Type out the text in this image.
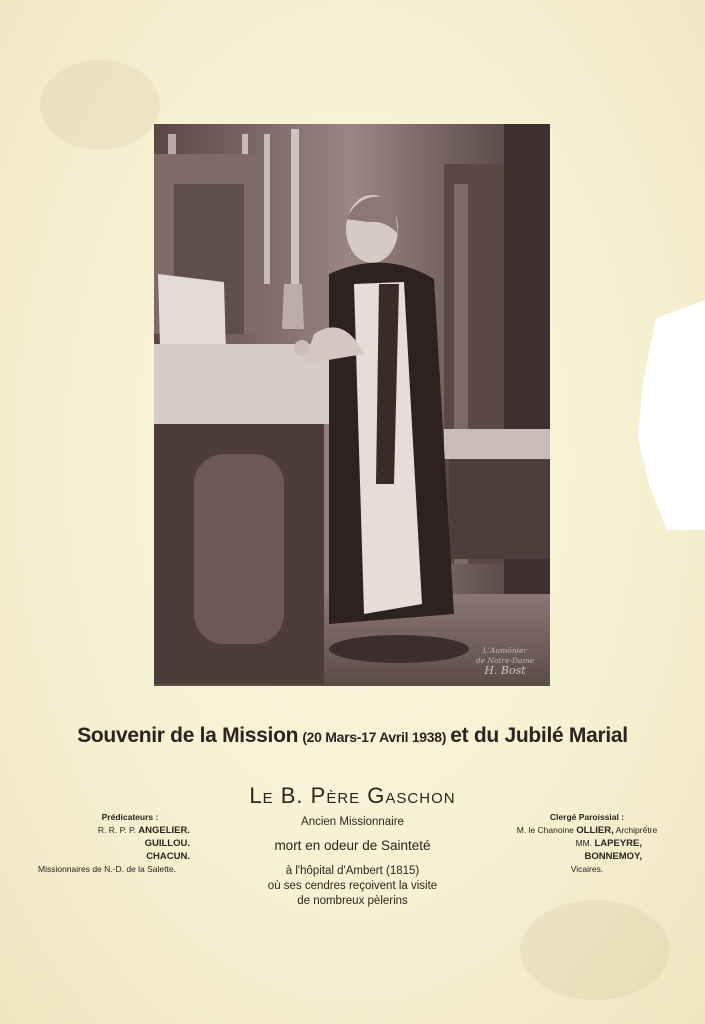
L'Aumônier
de Notre-Dame
H. Bost
Souvenir de la Mission (20 Mars-17 Avril 1938) et du Jubilé Marial
Le B. Père Gaschon
Ancien Missionnaire
mort en odeur de Sainteté
à l'hôpital d'Ambert (1815)
où ses cendres reçoivent la visite
de nombreux pèlerins
Prédicateurs :
R. R. P. P. ANGELIER.
GUILLOU.
CHACUN.
Missionnaires de N.-D. de la Salette.
Clergé Paroissial :
M. le Chanoine OLLIER, Archiprêtre
MM. LAPEYRE,
BONNEMOY,
Vicaires.
